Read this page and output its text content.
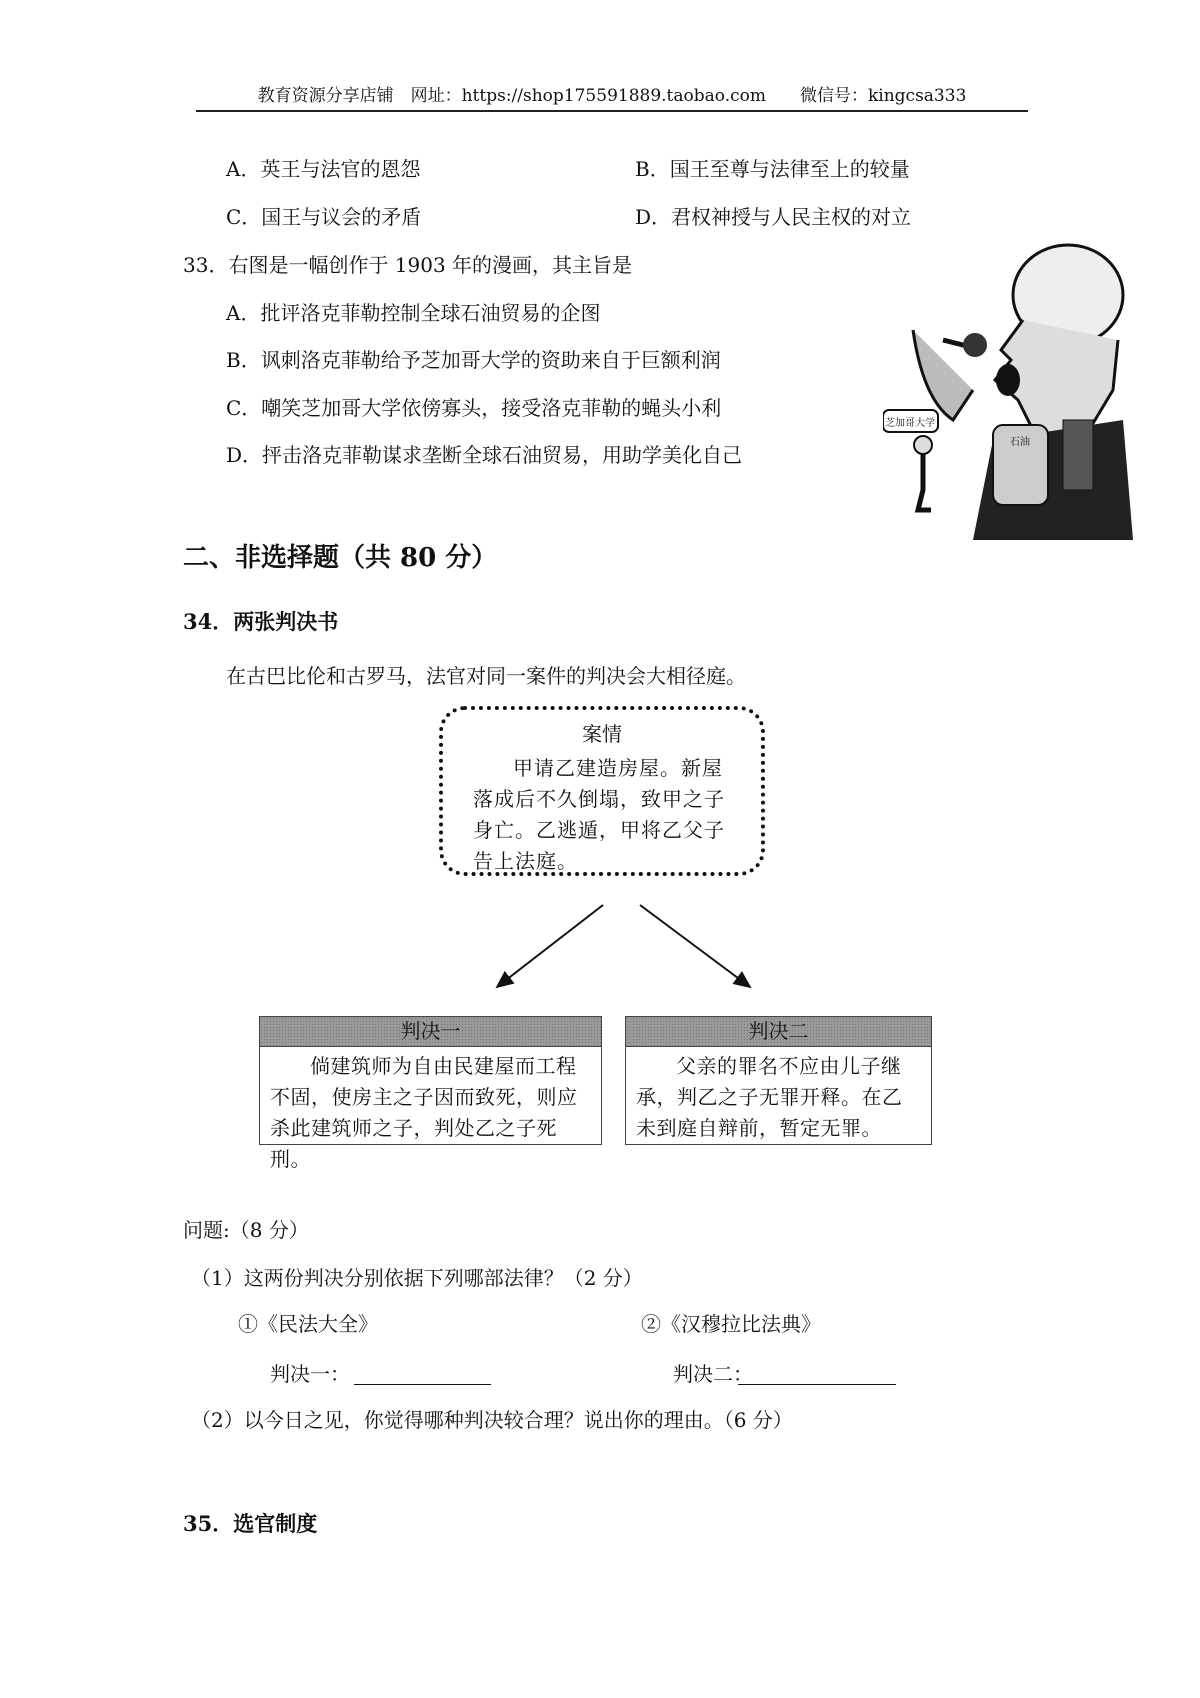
教育资源分享店铺　网址：https://shop175591889.taobao.com　　微信号：kingcsa333
A．英王与法官的恩怨	B．国王至尊与法律至上的较量
C．国王与议会的矛盾	D．君权神授与人民主权的对立
33．右图是一幅创作于 1903 年的漫画，其主旨是
A．批评洛克菲勒控制全球石油贸易的企图
B．讽刺洛克菲勒给予芝加哥大学的资助来自于巨额利润
C．嘲笑芝加哥大学依傍寡头，接受洛克菲勒的蝇头小利
D．抨击洛克菲勒谋求垄断全球石油贸易，用助学美化自己
芝加哥大学
石油
二、非选择题（共 80 分）
34．两张判决书
在古巴比伦和古罗马，法官对同一案件的判决会大相径庭。
案情
甲请乙建造房屋。新屋落成后不久倒塌，致甲之子身亡。乙逃遁，甲将乙父子告上法庭。
判决一
倘建筑师为自由民建屋而工程不固，使房主之子因而致死，则应杀此建筑师之子，判处乙之子死刑。
判决二
父亲的罪名不应由儿子继承，判乙之子无罪开释。在乙未到庭自辩前，暂定无罪。
问题:（8 分）
（1）这两份判决分别依据下列哪部法律？（2 分）
①《民法大全》	②《汉穆拉比法典》
判决一：	判决二：
（2）以今日之见，你觉得哪种判决较合理？说出你的理由。（6 分）
35．选官制度
